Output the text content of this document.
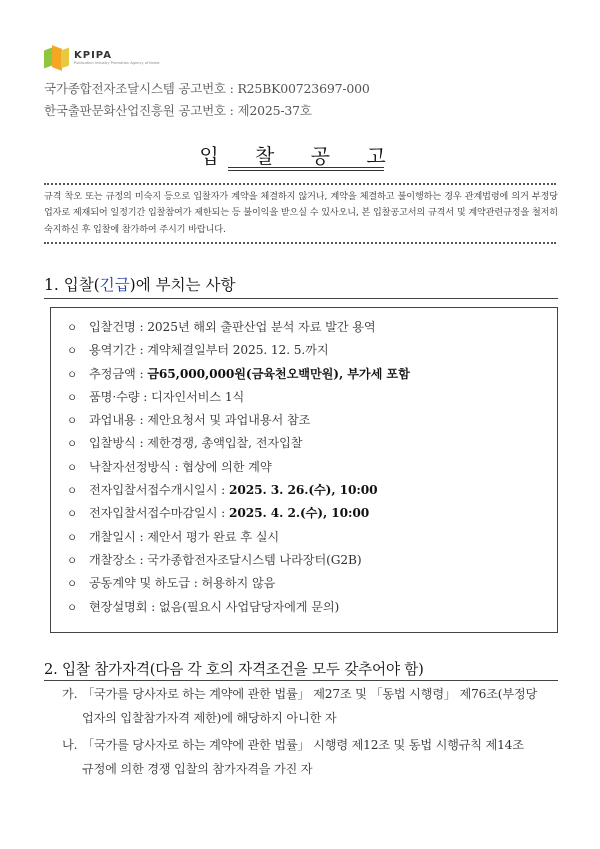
KPIPA
Publication Industry Promotion Agency of Korea
국가종합전자조달시스템 공고번호 : R25BK00723697-000
한국출판문화산업진흥원 공고번호 : 제2025-37호
입 찰 공 고
규격 착오 또는 규정의 미숙지 등으로 입찰자가 계약을 체결하지 않거나, 계약을 체결하고 불이행하는 경우 관계법령에 의거 부정당업자로 제재되어 일정기간 입찰참여가 제한되는 등 불이익을 받으실 수 있사오니, 본 입찰공고서의 규격서 및 계약관련규정을 철저히 숙지하신 후 입찰에 참가하여 주시기 바랍니다.
1. 입찰(긴급)에 부치는 사항
ㅇ 입찰건명 : 2025년 해외 출판산업 분석 자료 발간 용역
ㅇ 용역기간 : 계약체결일부터 2025. 12. 5.까지
ㅇ 추정금액 : 금65,000,000원(금육천오백만원), 부가세 포함
ㅇ 품명·수량 : 디자인서비스 1식
ㅇ 과업내용 : 제안요청서 및 과업내용서 참조
ㅇ 입찰방식 : 제한경쟁, 총액입찰, 전자입찰
ㅇ 낙찰자선정방식 : 협상에 의한 계약
ㅇ 전자입찰서접수개시일시 : 2025. 3. 26.(수), 10:00
ㅇ 전자입찰서접수마감일시 : 2025. 4. 2.(수), 10:00
ㅇ 개찰일시 : 제안서 평가 완료 후 실시
ㅇ 개찰장소 : 국가종합전자조달시스템 나라장터(G2B)
ㅇ 공동계약 및 하도급 : 허용하지 않음
ㅇ 현장설명회 : 없음(필요시 사업담당자에게 문의)
2. 입찰 참가자격(다음 각 호의 자격조건을 모두 갖추어야 함)
가. 「국가를 당사자로 하는 계약에 관한 법률」 제27조 및 「동법 시행령」 제76조(부정당
업자의 입찰참가자격 제한)에 해당하지 아니한 자
나. 「국가를 당사자로 하는 계약에 관한 법률」 시행령 제12조 및 동법 시행규칙 제14조
규정에 의한 경쟁 입찰의 참가자격을 가진 자
